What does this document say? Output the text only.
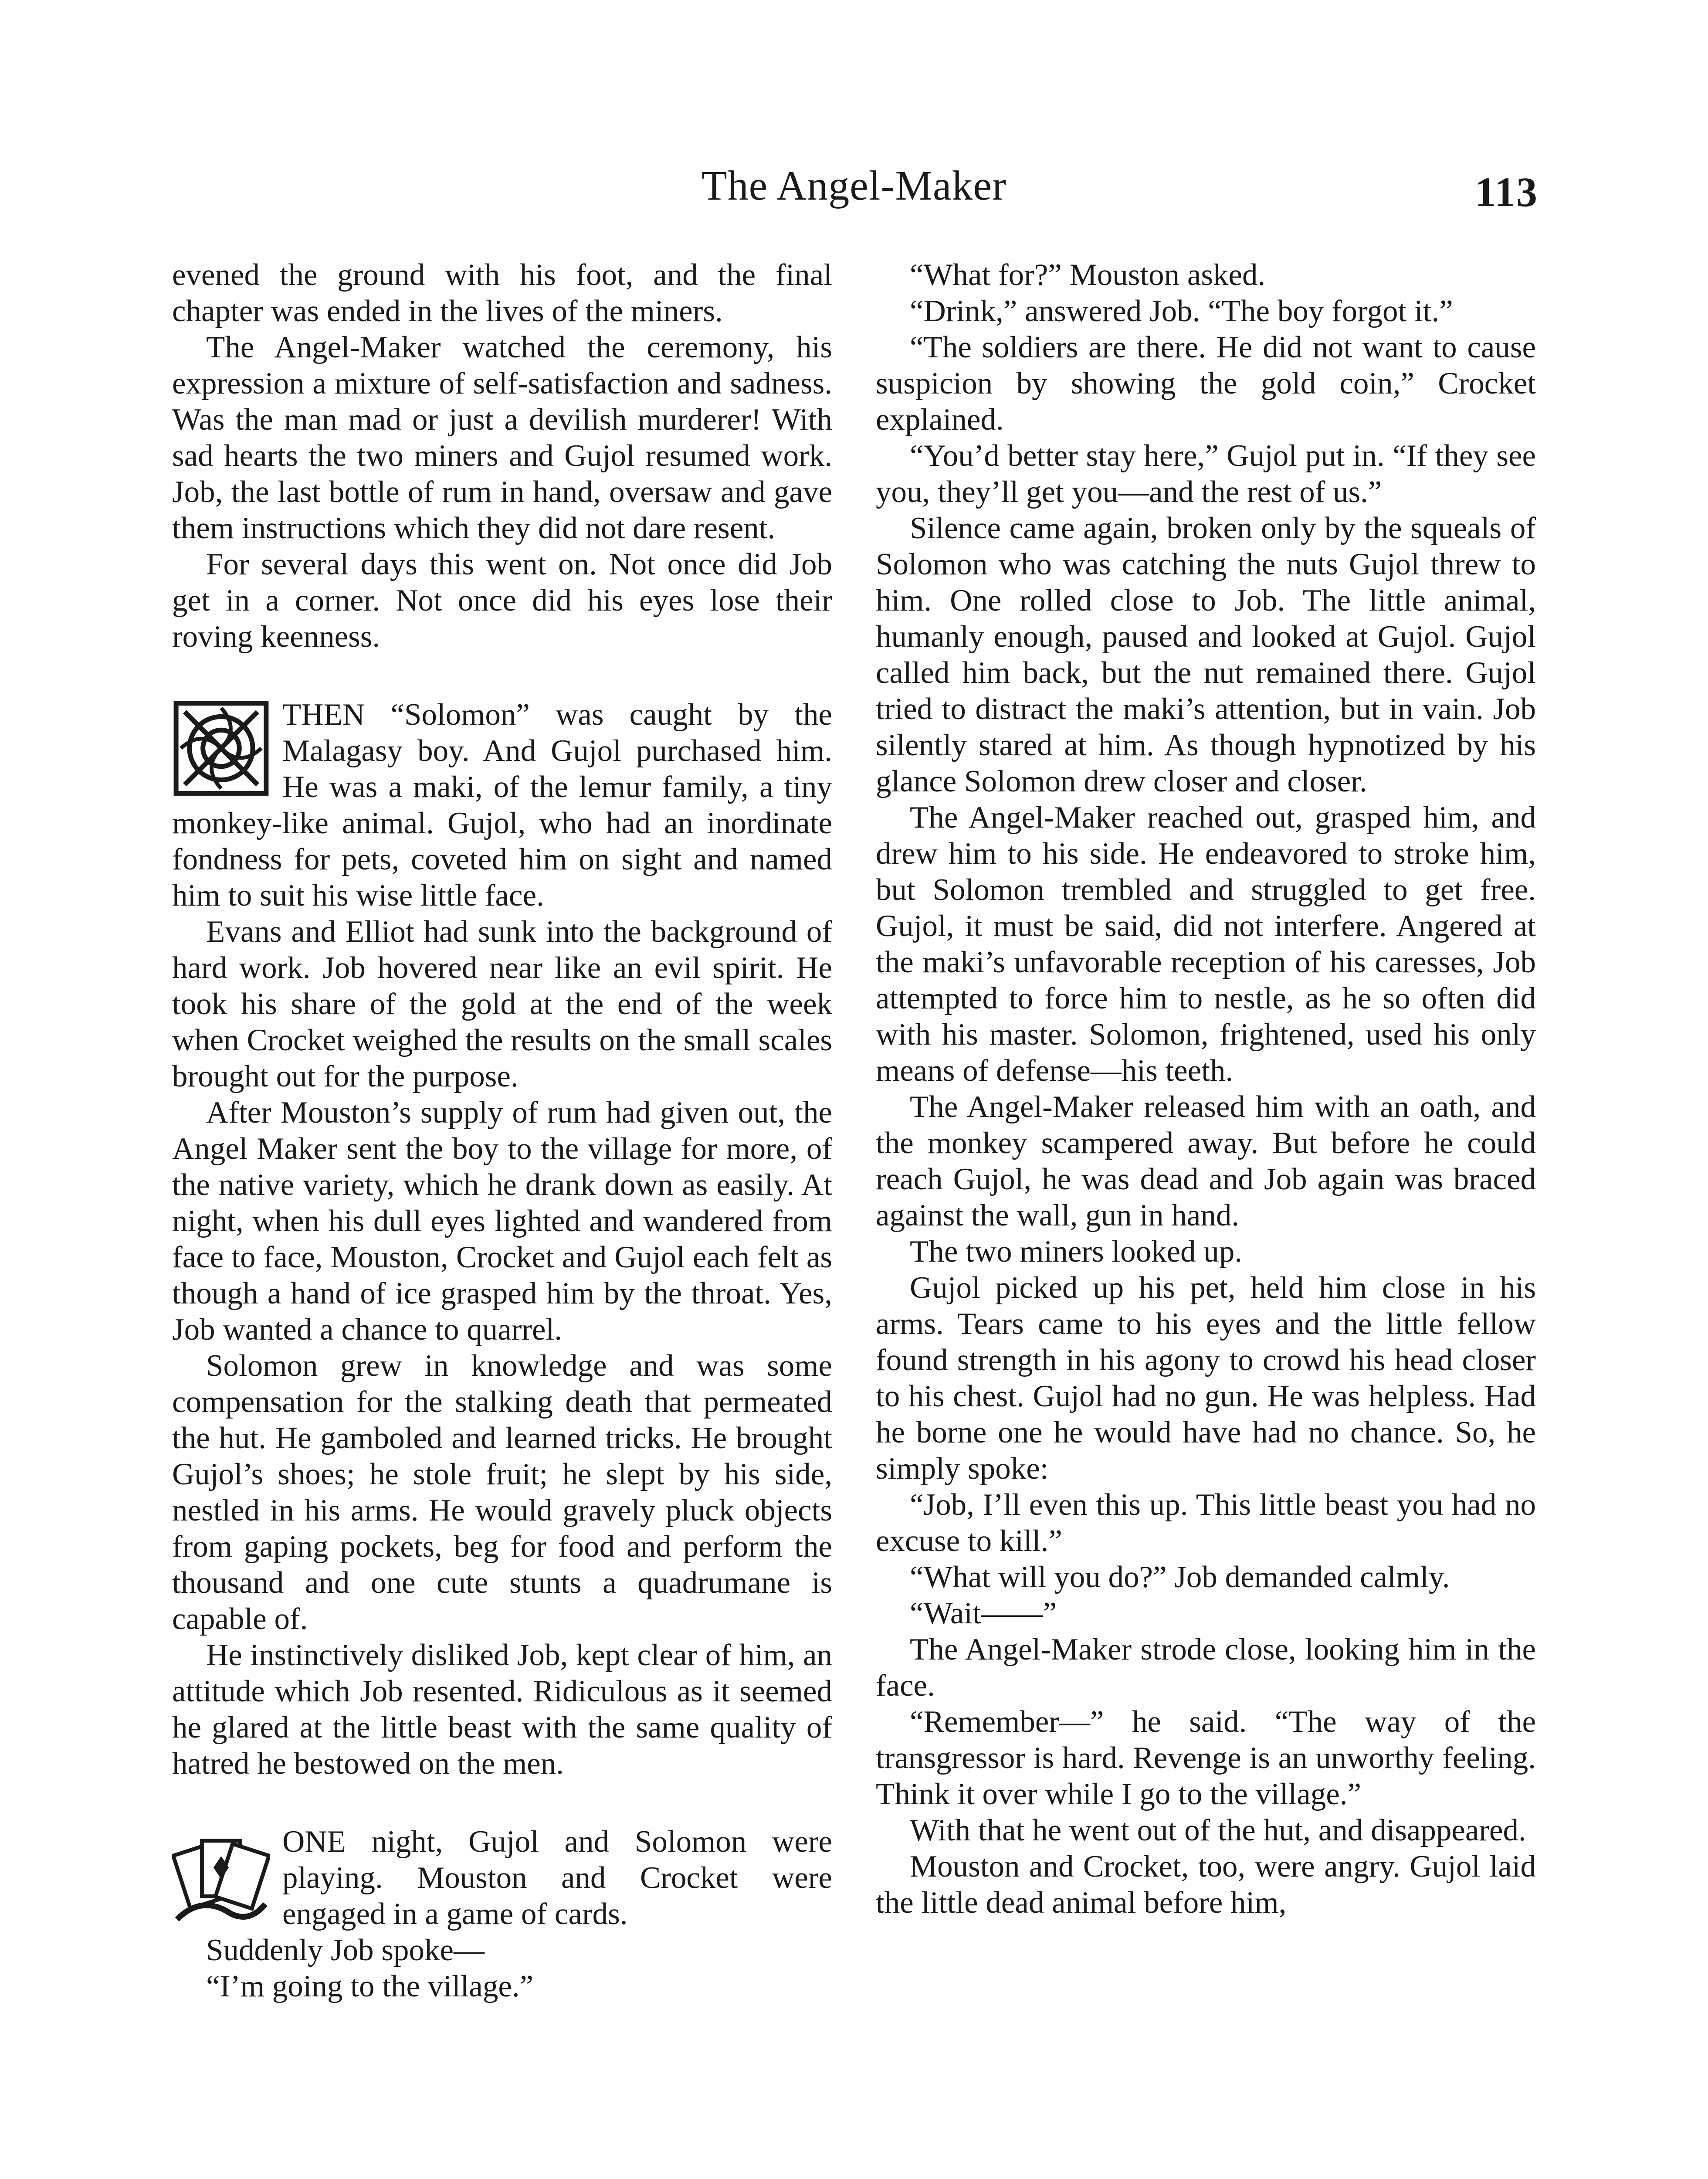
The Angel-Maker	113

evened the ground with his foot, and the final chapter was ended in the lives of the miners.

The Angel-Maker watched the ceremony, his expression a mixture of self-satisfaction and sadness. Was the man mad or just a devilish murderer! With sad hearts the two miners and Gujol resumed work. Job, the last bottle of rum in hand, oversaw and gave them instructions which they did not dare resent.

For several days this went on. Not once did Job get in a corner. Not once did his eyes lose their roving keenness.

THEN “Solomon” was caught by the Malagasy boy. And Gujol purchased him. He was a maki, of the lemur family, a tiny monkey-like animal. Gujol, who had an inordinate fondness for pets, coveted him on sight and named him to suit his wise little face.

Evans and Elliot had sunk into the background of hard work. Job hovered near like an evil spirit. He took his share of the gold at the end of the week when Crocket weighed the results on the small scales brought out for the purpose.

After Mouston’s supply of rum had given out, the Angel Maker sent the boy to the village for more, of the native variety, which he drank down as easily. At night, when his dull eyes lighted and wandered from face to face, Mouston, Crocket and Gujol each felt as though a hand of ice grasped him by the throat. Yes, Job wanted a chance to quarrel.

Solomon grew in knowledge and was some compensation for the stalking death that permeated the hut. He gamboled and learned tricks. He brought Gujol’s shoes; he stole fruit; he slept by his side, nestled in his arms. He would gravely pluck objects from gaping pockets, beg for food and perform the thousand and one cute stunts a quadrumane is capable of.

He instinctively disliked Job, kept clear of him, an attitude which Job resented. Ridiculous as it seemed he glared at the little beast with the same quality of hatred he bestowed on the men.

ONE night, Gujol and Solomon were playing. Mouston and Crocket were engaged in a game of cards.

Suddenly Job spoke—

“I’m going to the village.”

“What for?” Mouston asked.

“Drink,” answered Job. “The boy forgot it.”

“The soldiers are there. He did not want to cause suspicion by showing the gold coin,” Crocket explained.

“You’d better stay here,” Gujol put in. “If they see you, they’ll get you—and the rest of us.”

Silence came again, broken only by the squeals of Solomon who was catching the nuts Gujol threw to him. One rolled close to Job. The little animal, humanly enough, paused and looked at Gujol. Gujol called him back, but the nut remained there. Gujol tried to distract the maki’s attention, but in vain. Job silently stared at him. As though hypnotized by his glance Solomon drew closer and closer.

The Angel-Maker reached out, grasped him, and drew him to his side. He endeavored to stroke him, but Solomon trembled and struggled to get free. Gujol, it must be said, did not interfere. Angered at the maki’s unfavorable reception of his caresses, Job attempted to force him to nestle, as he so often did with his master. Solomon, frightened, used his only means of defense—his teeth.

The Angel-Maker released him with an oath, and the monkey scampered away. But before he could reach Gujol, he was dead and Job again was braced against the wall, gun in hand.

The two miners looked up.

Gujol picked up his pet, held him close in his arms. Tears came to his eyes and the little fellow found strength in his agony to crowd his head closer to his chest. Gujol had no gun. He was helpless. Had he borne one he would have had no chance. So, he simply spoke:

“Job, I’ll even this up. This little beast you had no excuse to kill.”

“What will you do?” Job demanded calmly.

“Wait——”

The Angel-Maker strode close, looking him in the face.

“Remember—” he said. “The way of the transgressor is hard. Revenge is an unworthy feeling. Think it over while I go to the village.”

With that he went out of the hut, and disappeared.

Mouston and Crocket, too, were angry. Gujol laid the little dead animal before him,
